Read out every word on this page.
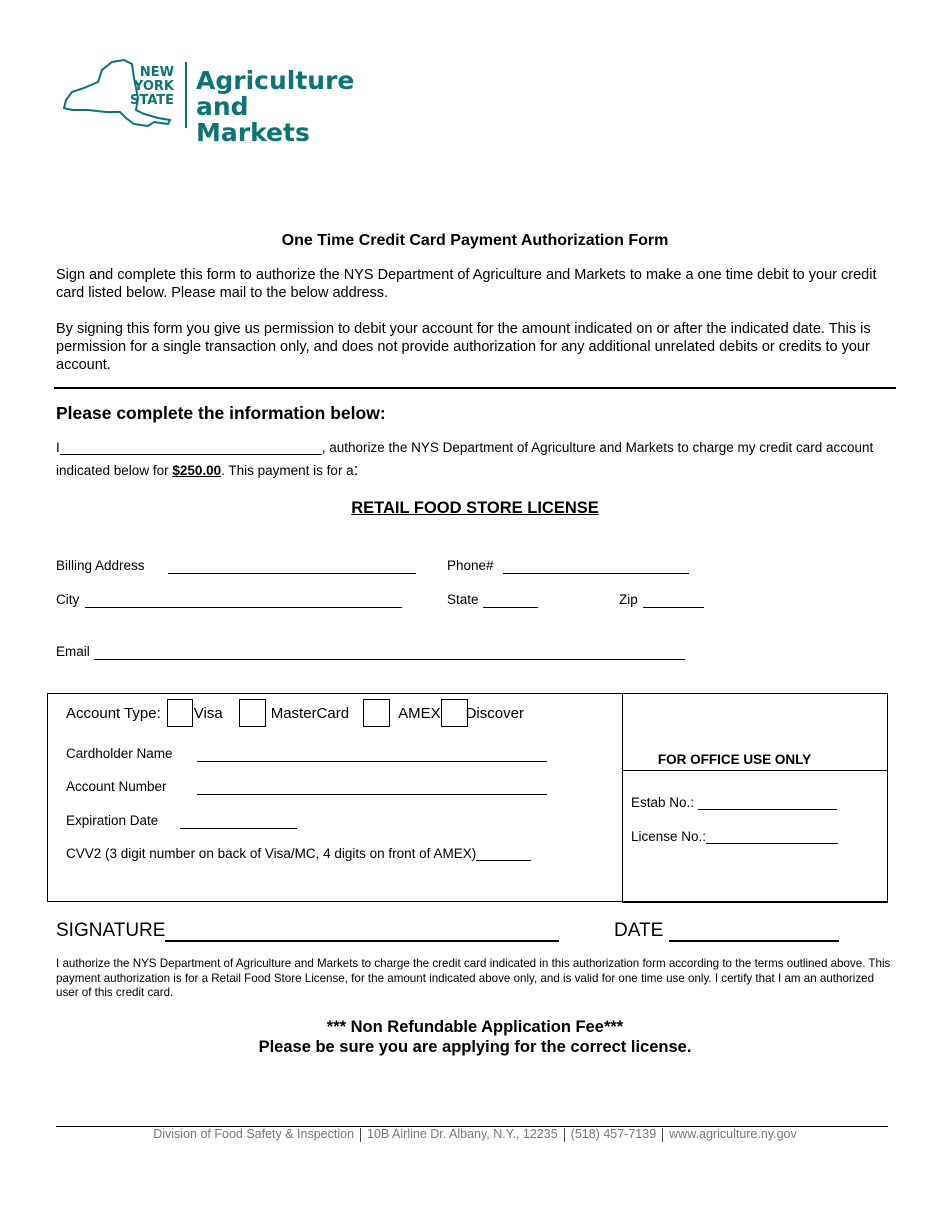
NEW
YORK
STATE
Agriculture
and Markets
One Time Credit Card Payment Authorization Form
Sign and complete this form to authorize the NYS Department of Agriculture and Markets to make a one time debit to your credit card listed below. Please mail to the below address.
By signing this form you give us permission to debit your account for the amount indicated on or after the indicated date. This is permission for a single transaction only, and does not provide authorization for any additional unrelated debits or credits to your account.
Please complete the information below:
I	, authorize the NYS Department of Agriculture and Markets to charge my credit card account
indicated below for $250.00. This payment is for a:
RETAIL FOOD STORE LICENSE
Billing Address	Phone#
City	State	Zip
Email
Account Type: Visa	MasterCard	AMEX Discover
Cardholder Name
Account Number
Expiration Date
CVV2 (3 digit number on back of Visa/MC, 4 digits on front of AMEX)
FOR OFFICE USE ONLY
Estab No.:
License No.:
SIGNATURE	DATE
I authorize the NYS Department of Agriculture and Markets to charge the credit card indicated in this authorization form according to the terms outlined above. This payment authorization is for a Retail Food Store License, for the amount indicated above only, and is valid for one time use only. I certify that I am an authorized user of this credit card.
*** Non Refundable Application Fee***
Please be sure you are applying for the correct license.
Division of Food Safety & Inspection 10B Airline Dr. Albany, N.Y., 12235 (518) 457-7139 www.agriculture.ny.gov
